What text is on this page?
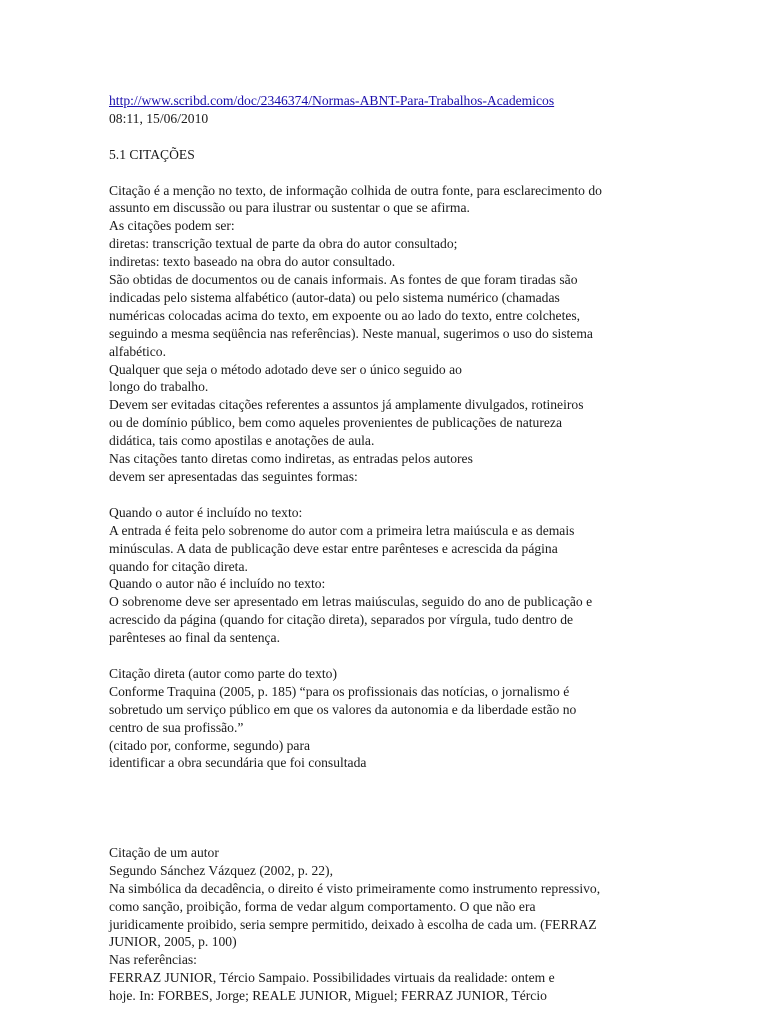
http://www.scribd.com/doc/2346374/Normas-ABNT-Para-Trabalhos-Academicos
08:11, 15/06/2010
5.1 CITAÇÕES
Citação é a menção no texto, de informação colhida de outra fonte, para esclarecimento do
assunto em discussão ou para ilustrar ou sustentar o que se afirma.
As citações podem ser:
diretas: transcrição textual de parte da obra do autor consultado;
indiretas: texto baseado na obra do autor consultado.
São obtidas de documentos ou de canais informais. As fontes de que foram tiradas são
indicadas pelo sistema alfabético (autor-data) ou pelo sistema numérico (chamadas
numéricas colocadas acima do texto, em expoente ou ao lado do texto, entre colchetes,
seguindo a mesma seqüência nas referências). Neste manual, sugerimos o uso do sistema
alfabético.
Qualquer que seja o método adotado deve ser o único seguido ao
longo do trabalho.
Devem ser evitadas citações referentes a assuntos já amplamente divulgados, rotineiros
ou de domínio público, bem como aqueles provenientes de publicações de natureza
didática, tais como apostilas e anotações de aula.
Nas citações tanto diretas como indiretas, as entradas pelos autores
devem ser apresentadas das seguintes formas:
Quando o autor é incluído no texto:
A entrada é feita pelo sobrenome do autor com a primeira letra maiúscula e as demais
minúsculas. A data de publicação deve estar entre parênteses e acrescida da página
quando for citação direta.
Quando o autor não é incluído no texto:
O sobrenome deve ser apresentado em letras maiúsculas, seguido do ano de publicação e
acrescido da página (quando for citação direta), separados por vírgula, tudo dentro de
parênteses ao final da sentença.
Citação direta (autor como parte do texto)
Conforme Traquina (2005, p. 185) “para os profissionais das notícias, o jornalismo é
sobretudo um serviço público em que os valores da autonomia e da liberdade estão no
centro de sua profissão.”
(citado por, conforme, segundo) para
identificar a obra secundária que foi consultada
Citação de um autor
Segundo Sánchez Vázquez (2002, p. 22),
Na simbólica da decadência, o direito é visto primeiramente como instrumento repressivo,
como sanção, proibição, forma de vedar algum comportamento. O que não era
juridicamente proibido, seria sempre permitido, deixado à escolha de cada um. (FERRAZ
JUNIOR, 2005, p. 100)
Nas referências:
FERRAZ JUNIOR, Tércio Sampaio. Possibilidades virtuais da realidade: ontem e
hoje. In: FORBES, Jorge; REALE JUNIOR, Miguel; FERRAZ JUNIOR, Tércio
